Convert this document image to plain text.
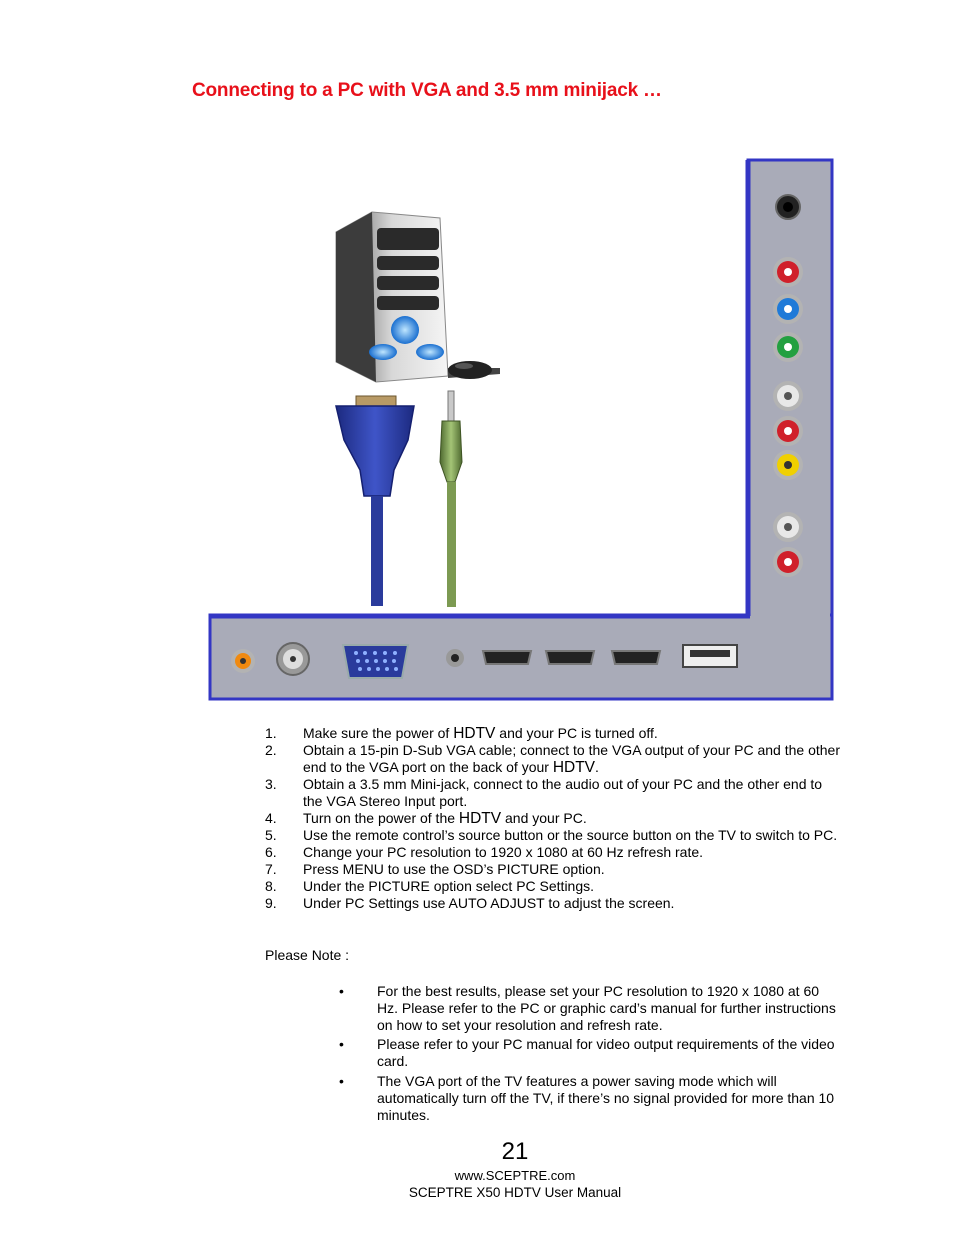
Connecting to a PC with VGA and 3.5 mm minijack …
1. Make sure the power of HDTV and your PC is turned off.
2. Obtain a 15-pin D-Sub VGA cable; connect to the VGA output of your PC and the other end to the VGA port on the back of your HDTV.
3. Obtain a 3.5 mm Mini-jack, connect to the audio out of your PC and the other end to the VGA Stereo Input port.
4. Turn on the power of the HDTV and your PC.
5. Use the remote control’s source button or the source button on the TV to switch to PC.
6. Change your PC resolution to 1920 x 1080 at 60 Hz refresh rate.
7. Press MENU to use the OSD’s PICTURE option.
8. Under the PICTURE option select PC Settings.
9. Under PC Settings use AUTO ADJUST to adjust the screen.
Please Note :
• For the best results, please set your PC resolution to 1920 x 1080 at 60 Hz. Please refer to the PC or graphic card’s manual for further instructions on how to set your resolution and refresh rate.
• Please refer to your PC manual for video output requirements of the video card.
• The VGA port of the TV features a power saving mode which will automatically turn off the TV, if there’s no signal provided for more than 10 minutes.
21
www.SCEPTRE.com
SCEPTRE X50 HDTV User Manual
